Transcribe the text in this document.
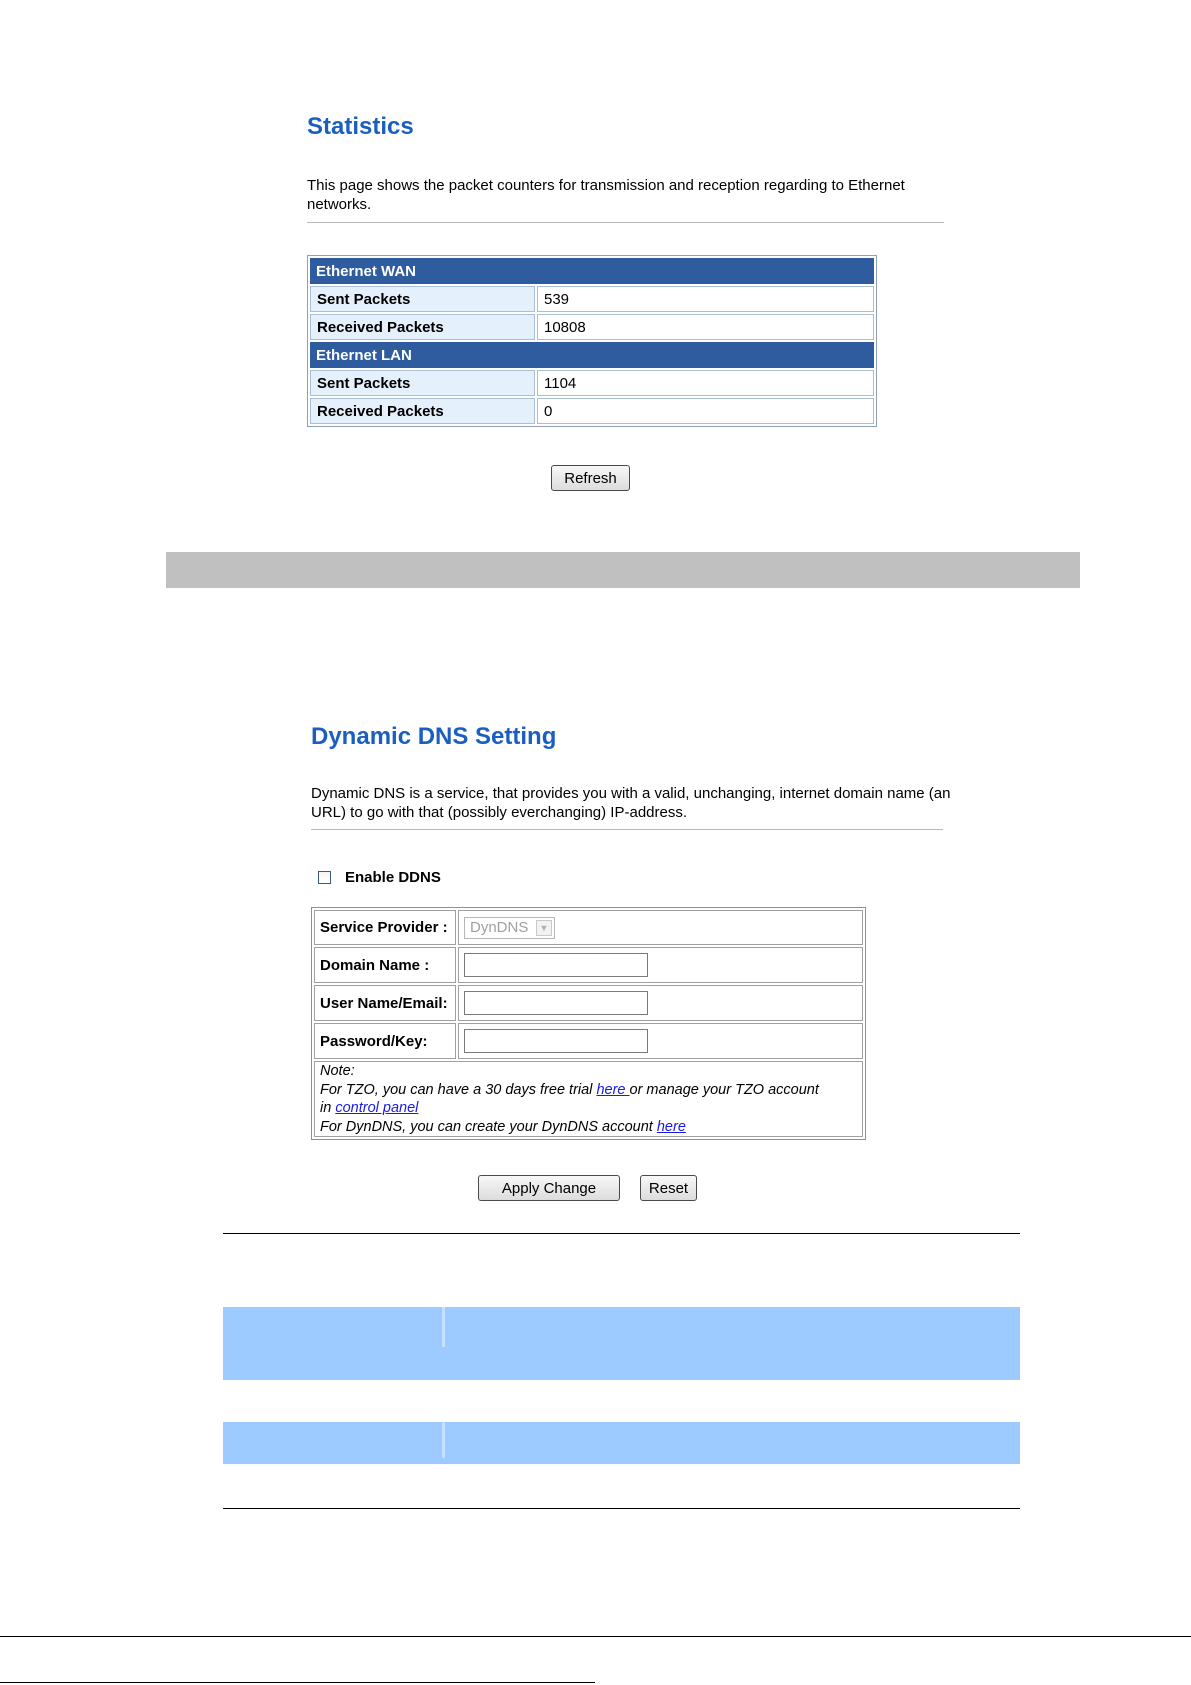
Statistics
This page shows the packet counters for transmission and reception regarding to Ethernet networks.
Ethernet WAN	
Sent Packets	539
Received Packets	10808
Ethernet LAN	
Sent Packets	1104
Received Packets	0
Refresh
Dynamic DNS Setting
Dynamic DNS is a service, that provides you with a valid, unchanging, internet domain name (an URL) to go with that (possibly everchanging) IP-address.
Enable DDNS
Service Provider :	DynDNS ▼

Domain Name :	
User Name/Email:	
Password/Key:	

Note:
For TZO, you can have a 30 days free trial here or manage your TZO account
in control panel
For DynDNS, you can create your DynDNS account here	
Apply Change	Reset
